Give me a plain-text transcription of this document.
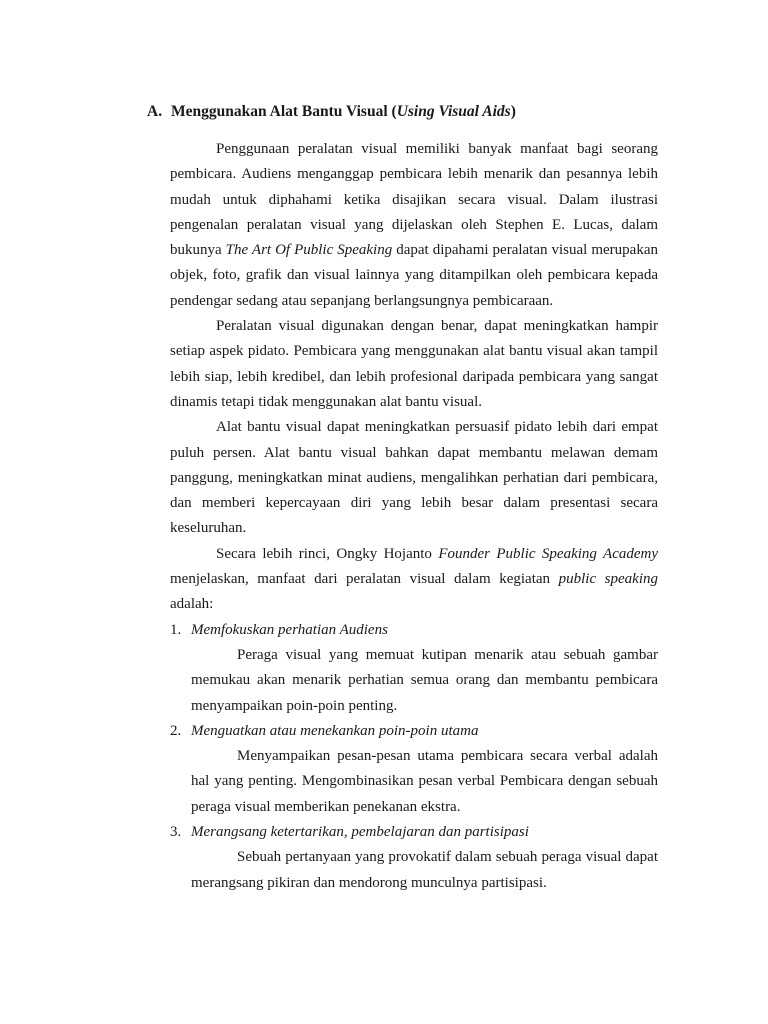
A. Menggunakan Alat Bantu Visual (Using Visual Aids)

Penggunaan peralatan visual memiliki banyak manfaat bagi seorang pembicara. Audiens menganggap pembicara lebih menarik dan pesannya lebih mudah untuk diphahami ketika disajikan secara visual. Dalam ilustrasi pengenalan peralatan visual yang dijelaskan oleh Stephen E. Lucas, dalam bukunya The Art Of Public Speaking dapat dipahami peralatan visual merupakan objek, foto, grafik dan visual lainnya yang ditampilkan oleh pembicara kepada pendengar sedang atau sepanjang berlangsungnya pembicaraan.

Peralatan visual digunakan dengan benar, dapat meningkatkan hampir setiap aspek pidato. Pembicara yang menggunakan alat bantu visual akan tampil lebih siap, lebih kredibel, dan lebih profesional daripada pembicara yang sangat dinamis tetapi tidak menggunakan alat bantu visual.

Alat bantu visual dapat meningkatkan persuasif pidato lebih dari empat puluh persen. Alat bantu visual bahkan dapat membantu melawan demam panggung, meningkatkan minat audiens, mengalihkan perhatian dari pembicara, dan memberi kepercayaan diri yang lebih besar dalam presentasi secara keseluruhan.

Secara lebih rinci, Ongky Hojanto Founder Public Speaking Academy menjelaskan, manfaat dari peralatan visual dalam kegiatan public speaking adalah:

1. Memfokuskan perhatian Audiens

Peraga visual yang memuat kutipan menarik atau sebuah gambar memukau akan menarik perhatian semua orang dan membantu pembicara menyampaikan poin-poin penting.

2. Menguatkan atau menekankan poin-poin utama

Menyampaikan pesan-pesan utama pembicara secara verbal adalah hal yang penting. Mengombinasikan pesan verbal Pembicara dengan sebuah peraga visual memberikan penekanan ekstra.

3. Merangsang ketertarikan, pembelajaran dan partisipasi

Sebuah pertanyaan yang provokatif dalam sebuah peraga visual dapat merangsang pikiran dan mendorong munculnya partisipasi.
